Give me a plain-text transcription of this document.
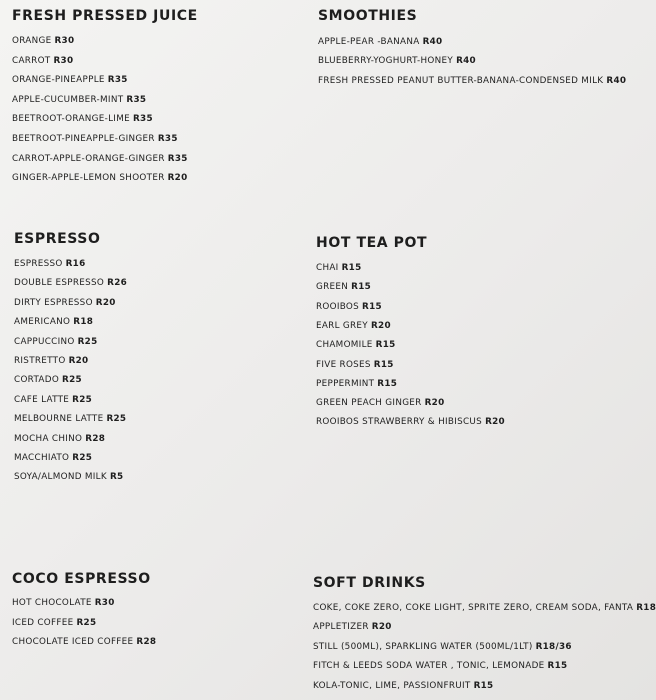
FRESH PRESSED JUICE
ORANGE R30
CARROT R30
ORANGE-PINEAPPLE R35
APPLE-CUCUMBER-MINT R35
BEETROOT-ORANGE-LIME R35
BEETROOT-PINEAPPLE-GINGER R35
CARROT-APPLE-ORANGE-GINGER R35
GINGER-APPLE-LEMON SHOOTER R20
SMOOTHIES
APPLE-PEAR -BANANA R40
BLUEBERRY-YOGHURT-HONEY R40
FRESH PRESSED PEANUT BUTTER-BANANA-CONDENSED MILK R40
ESPRESSO
ESPRESSO R16
DOUBLE ESPRESSO R26
DIRTY ESPRESSO R20
AMERICANO R18
CAPPUCCINO R25
RISTRETTO R20
CORTADO R25
CAFE LATTE R25
MELBOURNE LATTE R25
MOCHA CHINO R28
MACCHIATO R25
SOYA/ALMOND MILK R5
HOT TEA POT
CHAI R15
GREEN R15
ROOIBOS R15
EARL GREY R20
CHAMOMILE R15
FIVE ROSES R15
PEPPERMINT R15
GREEN PEACH GINGER R20
ROOIBOS STRAWBERRY & HIBISCUS R20
COCO ESPRESSO
HOT CHOCOLATE R30
ICED COFFEE R25
CHOCOLATE ICED COFFEE R28
SOFT DRINKS
COKE, COKE ZERO, COKE LIGHT, SPRITE ZERO, CREAM SODA, FANTA R18
APPLETIZER R20
STILL (500ML), SPARKLING WATER (500ML/1LT) R18/36
FITCH & LEEDS SODA WATER , TONIC, LEMONADE R15
KOLA-TONIC, LIME, PASSIONFRUIT R15
